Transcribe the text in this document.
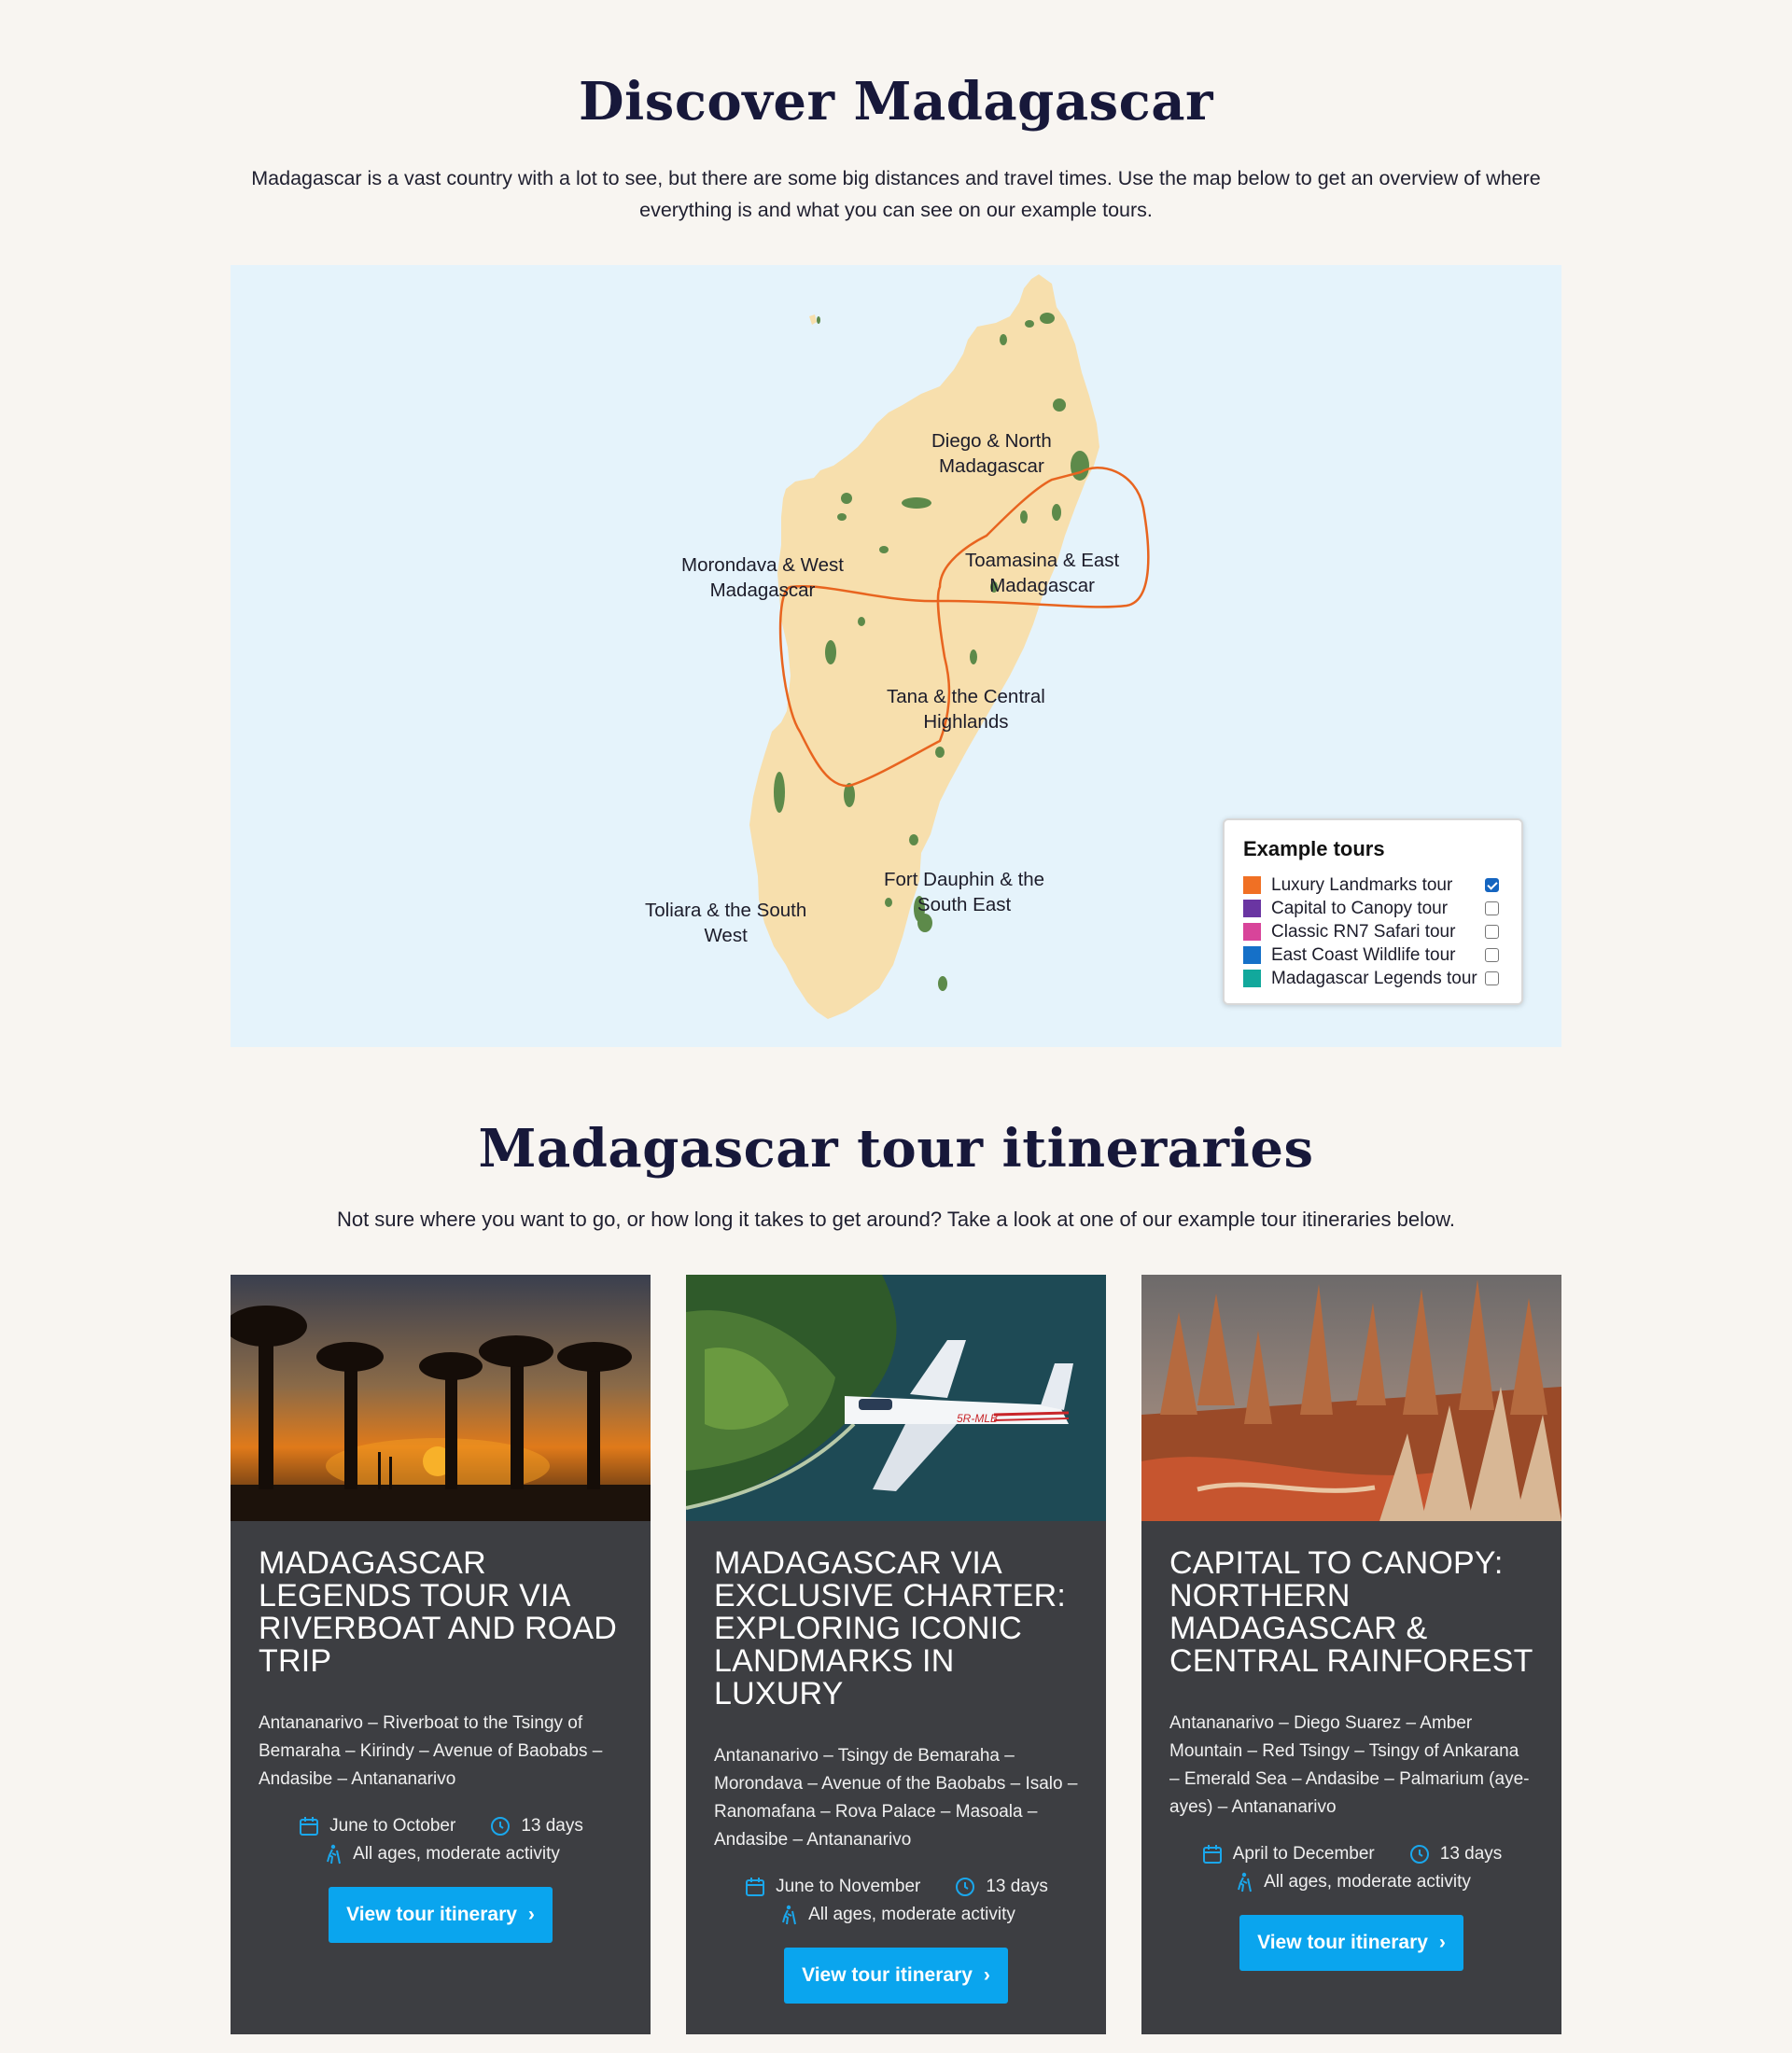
Discover Madagascar

Madagascar is a vast country with a lot to see, but there are some big distances and travel times. Use the map below to get an overview of where everything is and what you can see on our example tours.

Diego & North
Madagascar
Morondava & West
Madagascar
Toamasina & East
Madagascar
Tana & the Central
Highlands
Fort Dauphin & the
South East
Toliara & the South
West
Example tours
Luxury Landmarks tour
Capital to Canopy tour
Classic RN7 Safari tour
East Coast Wildlife tour
Madagascar Legends tour
Madagascar tour itineraries
Not sure where you want to go, or how long it takes to get around? Take a look at one of our example tour itineraries below.
MADAGASCAR LEGENDS TOUR VIA RIVERBOAT AND ROAD TRIP
Antananarivo – Riverboat to the Tsingy of Bemaraha – Kirindy – Avenue of Baobabs – Andasibe – Antananarivo
June to October	13 days
All ages, moderate activity
View tour itinerary ›
5R-MLB
MADAGASCAR VIA EXCLUSIVE CHARTER: EXPLORING ICONIC LANDMARKS IN LUXURY
Antananarivo – Tsingy de Bemaraha – Morondava – Avenue of the Baobabs – Isalo – Ranomafana – Rova Palace – Masoala – Andasibe – Antananarivo
June to November	13 days
All ages, moderate activity
View tour itinerary ›
CAPITAL TO CANOPY: NORTHERN MADAGASCAR & CENTRAL RAINFOREST
Antananarivo – Diego Suarez – Amber Mountain – Red Tsingy – Tsingy of Ankarana – Emerald Sea – Andasibe – Palmarium (aye-ayes) – Antananarivo
April to December	13 days
All ages, moderate activity
View tour itinerary ›
